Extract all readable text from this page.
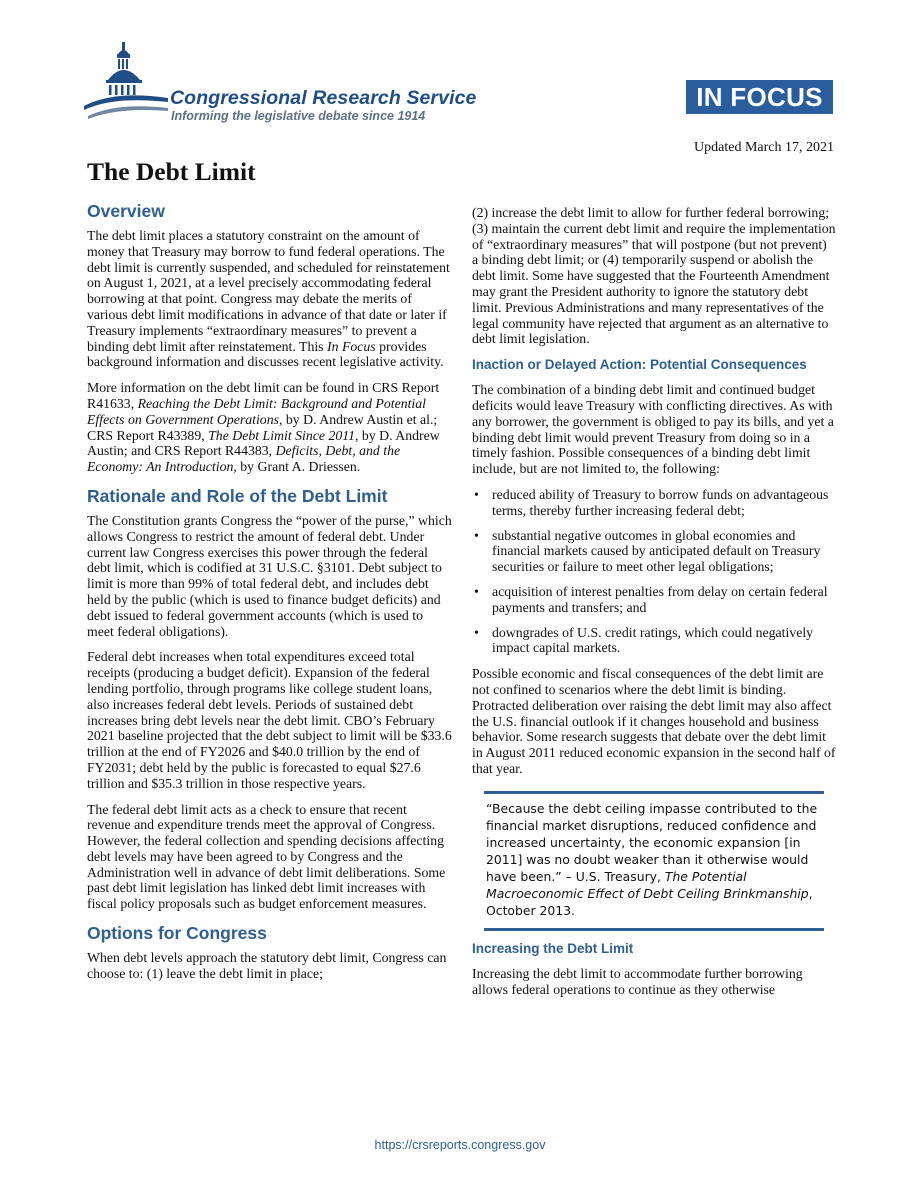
Congressional Research Service
Informing the legislative debate since 1914
IN FOCUS
Updated March 17, 2021
The Debt Limit
Overview

The debt limit places a statutory constraint on the amount of money that Treasury may borrow to fund federal operations. The debt limit is currently suspended, and scheduled for reinstatement on August 1, 2021, at a level precisely accommodating federal borrowing at that point. Congress may debate the merits of various debt limit modifications in advance of that date or later if Treasury implements “extraordinary measures” to prevent a binding debt limit after reinstatement. This In Focus provides background information and discusses recent legislative activity.

More information on the debt limit can be found in CRS Report R41633, Reaching the Debt Limit: Background and Potential Effects on Government Operations, by D. Andrew Austin et al.; CRS Report R43389, The Debt Limit Since 2011, by D. Andrew Austin; and CRS Report R44383, Deficits, Debt, and the Economy: An Introduction, by Grant A. Driessen.

Rationale and Role of the Debt Limit

The Constitution grants Congress the “power of the purse,” which allows Congress to restrict the amount of federal debt. Under current law Congress exercises this power through the federal debt limit, which is codified at 31 U.S.C. §3101. Debt subject to limit is more than 99% of total federal debt, and includes debt held by the public (which is used to finance budget deficits) and debt issued to federal government accounts (which is used to meet federal obligations).

Federal debt increases when total expenditures exceed total receipts (producing a budget deficit). Expansion of the federal lending portfolio, through programs like college student loans, also increases federal debt levels. Periods of sustained debt increases bring debt levels near the debt limit. CBO’s February 2021 baseline projected that the debt subject to limit will be $33.6 trillion at the end of FY2026 and $40.0 trillion by the end of FY2031; debt held by the public is forecasted to equal $27.6 trillion and $35.3 trillion in those respective years.

The federal debt limit acts as a check to ensure that recent revenue and expenditure trends meet the approval of Congress. However, the federal collection and spending decisions affecting debt levels may have been agreed to by Congress and the Administration well in advance of debt limit deliberations. Some past debt limit legislation has linked debt limit increases with fiscal policy proposals such as budget enforcement measures.

Options for Congress

When debt levels approach the statutory debt limit, Congress can choose to: (1) leave the debt limit in place;

(2) increase the debt limit to allow for further federal borrowing; (3) maintain the current debt limit and require the implementation of “extraordinary measures” that will postpone (but not prevent) a binding debt limit; or (4) temporarily suspend or abolish the debt limit. Some have suggested that the Fourteenth Amendment may grant the President authority to ignore the statutory debt limit. Previous Administrations and many representatives of the legal community have rejected that argument as an alternative to debt limit legislation.

Inaction or Delayed Action: Potential Consequences

The combination of a binding debt limit and continued budget deficits would leave Treasury with conflicting directives. As with any borrower, the government is obliged to pay its bills, and yet a binding debt limit would prevent Treasury from doing so in a timely fashion. Possible consequences of a binding debt limit include, but are not limited to, the following:

• reduced ability of Treasury to borrow funds on advantageous terms, thereby further increasing federal debt;
• substantial negative outcomes in global economies and financial markets caused by anticipated default on Treasury securities or failure to meet other legal obligations;
• acquisition of interest penalties from delay on certain federal payments and transfers; and
• downgrades of U.S. credit ratings, which could negatively impact capital markets.

Possible economic and fiscal consequences of the debt limit are not confined to scenarios where the debt limit is binding. Protracted deliberation over raising the debt limit may also affect the U.S. financial outlook if it changes household and business behavior. Some research suggests that debate over the debt limit in August 2011 reduced economic expansion in the second half of that year.

“Because the debt ceiling impasse contributed to the financial market disruptions, reduced confidence and increased uncertainty, the economic expansion [in 2011] was no doubt weaker than it otherwise would have been.” – U.S. Treasury, The Potential Macroeconomic Effect of Debt Ceiling Brinkmanship, October 2013.
Increasing the Debt Limit

Increasing the debt limit to accommodate further borrowing allows federal operations to continue as they otherwise

https://crsreports.congress.gov
